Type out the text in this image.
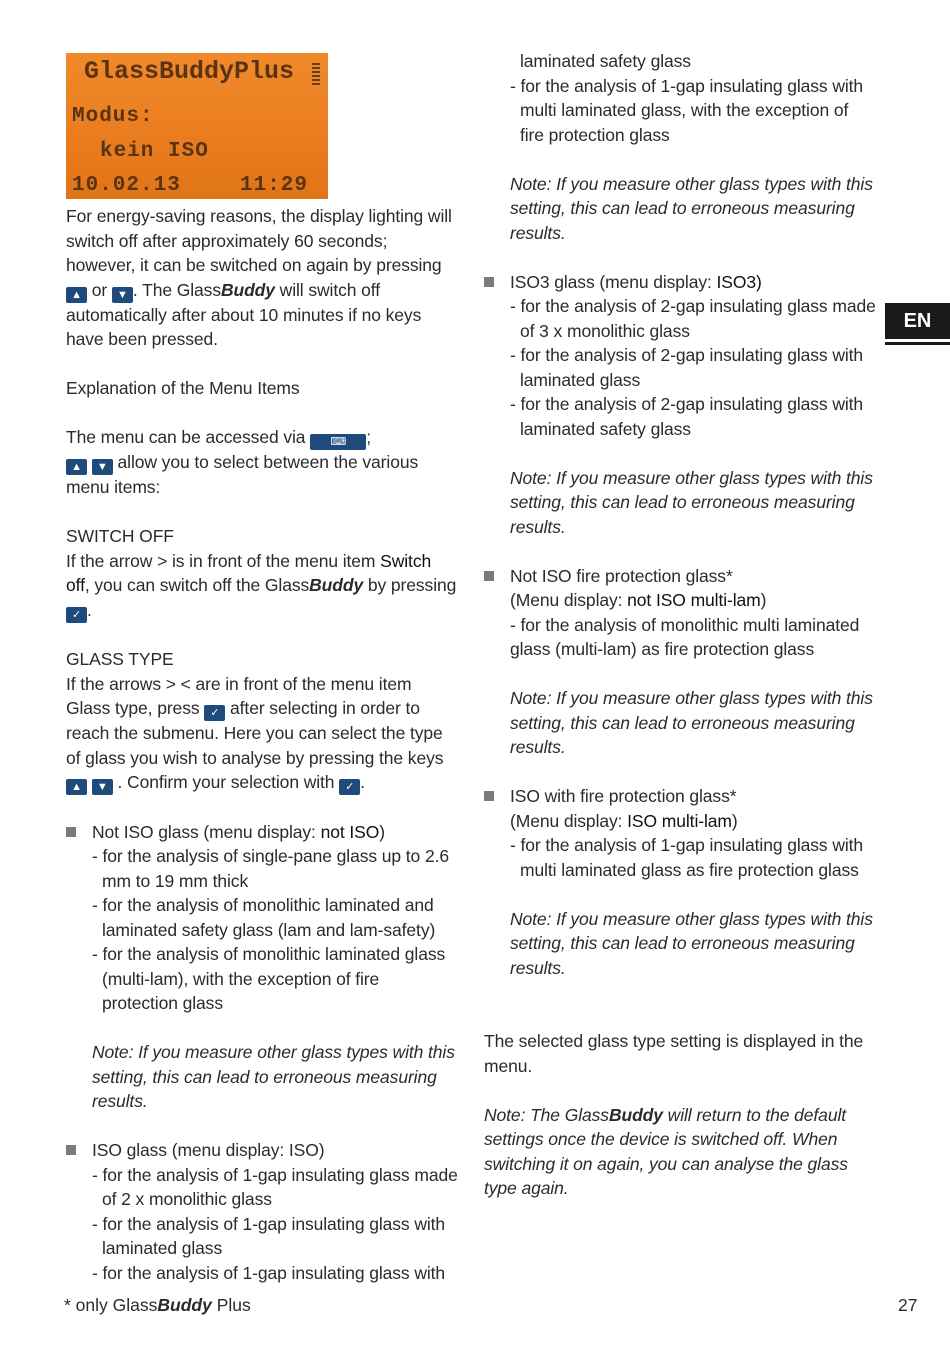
GlassBuddyPlus
Modus:
kein ISO
10.02.13	11:29

For energy-saving reasons, the display lighting will switch off after approximately 60 seconds; however, it can be switched on again by pressing ▲ or ▼ . The GlassBuddy will switch off automatically after about 10 minutes if no keys have been pressed.

Explanation of the Menu Items

The menu can be accessed via ⌨ ;
▲ ▼ allow you to select between the various menu items:

SWITCH OFF

If the arrow > is in front of the menu item Switch off, you can switch off the GlassBuddy by pressing
✓ .

GLASS TYPE

If the arrows > < are in front of the menu item Glass type, press ✓ after selecting in order to reach the submenu. Here you can select the type of glass you wish to analyse by pressing the keys ▲ ▼ . Confirm your selection with ✓ .

Not ISO glass (menu display: not ISO)

- for the analysis of single-pane glass up to 2.6 mm to 19 mm thick

- for the analysis of monolithic laminated and laminated safety glass (lam and lam-safety)

- for the analysis of monolithic laminated glass (multi-lam), with the exception of fire protection glass

Note: If you measure other glass types with this setting, this can lead to erroneous measuring results.

ISO glass (menu display: ISO)

- for the analysis of 1-gap insulating glass made of 2 x monolithic glass

- for the analysis of 1-gap insulating glass with laminated glass

- for the analysis of 1-gap insulating glass with

laminated safety glass

- for the analysis of 1-gap insulating glass with multi laminated glass, with the exception of fire protection glass

Note: If you measure other glass types with this setting, this can lead to erroneous measuring results.

ISO3 glass (menu display: ISO3)

- for the analysis of 2-gap insulating glass made of 3 x monolithic glass

- for the analysis of 2-gap insulating glass with laminated glass

- for the analysis of 2-gap insulating glass with laminated safety glass

Note: If you measure other glass types with this setting, this can lead to erroneous measuring results.

Not ISO fire protection glass*

(Menu display: not ISO multi-lam)

- for the analysis of monolithic multi laminated glass (multi-lam) as fire protection glass

Note: If you measure other glass types with this setting, this can lead to erroneous measuring results.

ISO with fire protection glass*

(Menu display: ISO multi-lam)

- for the analysis of 1-gap insulating glass with multi laminated glass as fire protection glass

Note: If you measure other glass types with this setting, this can lead to erroneous measuring results.

The selected glass type setting is displayed in the menu.

Note: The GlassBuddy will return to the default settings once the device is switched off. When switching it on again, you can analyse the glass type again.

EN
* only GlassBuddy Plus	27
